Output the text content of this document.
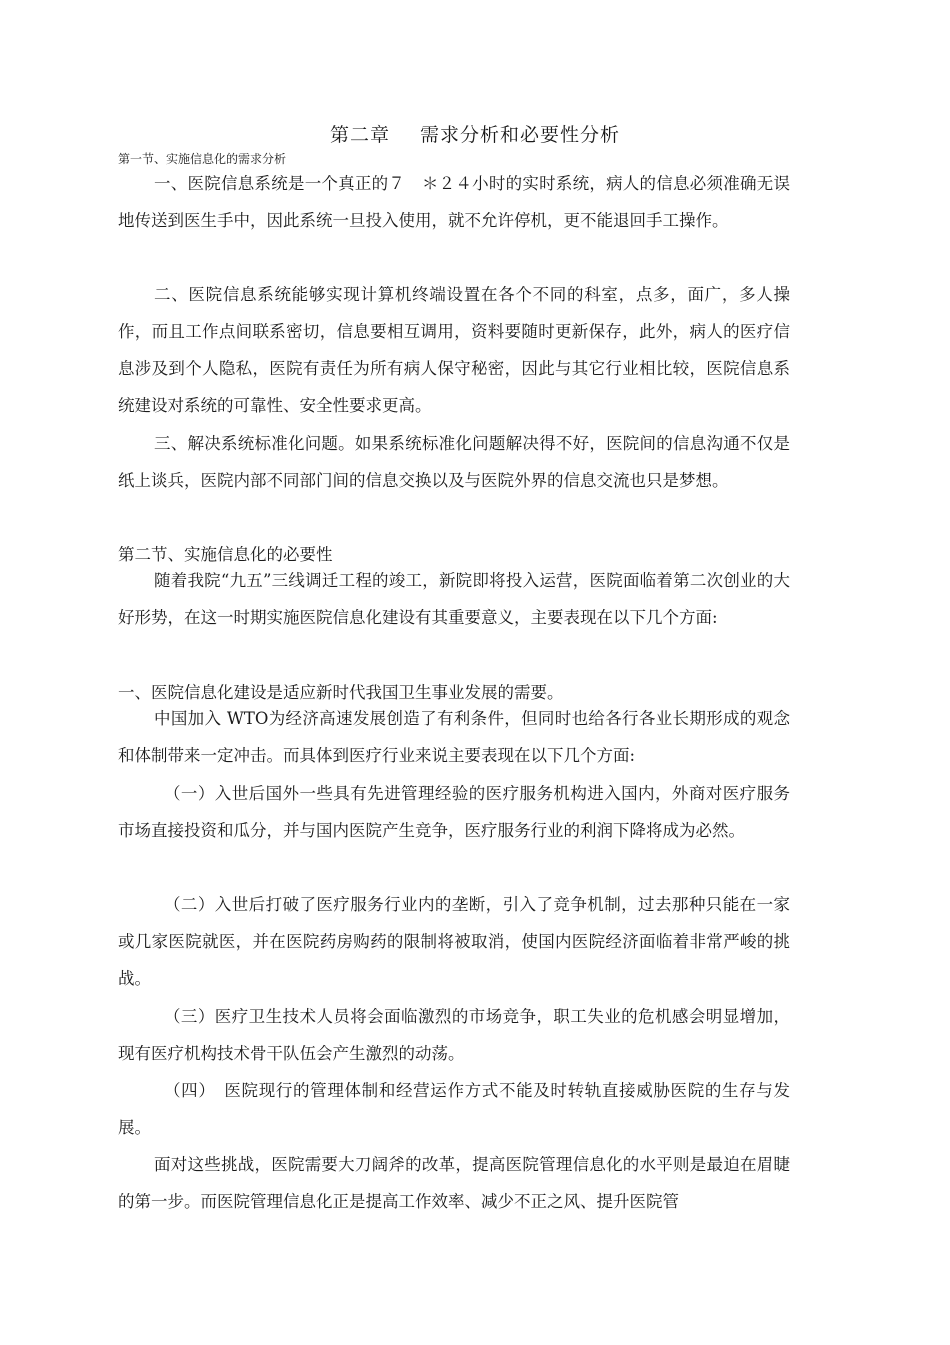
第二章 需求分析和必要性分析
第一节、实施信息化的需求分析

一、医院信息系统是一个真正的７　＊２４小时的实时系统，病人的信息必须准确无误地传送到医生手中，因此系统一旦投入使用，就不允许停机，更不能退回手工操作。

二、医院信息系统能够实现计算机终端设置在各个不同的科室，点多，面广，多人操作，而且工作点间联系密切，信息要相互调用，资料要随时更新保存，此外，病人的医疗信息涉及到个人隐私，医院有责任为所有病人保守秘密，因此与其它行业相比较，医院信息系统建设对系统的可靠性、安全性要求更高。

三、解决系统标准化问题。如果系统标准化问题解决得不好，医院间的信息沟通不仅是纸上谈兵，医院内部不同部门间的信息交换以及与医院外界的信息交流也只是梦想。

第二节、实施信息化的必要性

随着我院“九五”三线调迁工程的竣工，新院即将投入运营，医院面临着第二次创业的大好形势，在这一时期实施医院信息化建设有其重要意义，主要表现在以下几个方面:

一、医院信息化建设是适应新时代我国卫生事业发展的需要。

中国加入 WTO为经济高速发展创造了有利条件，但同时也给各行各业长期形成的观念和体制带来一定冲击。而具体到医疗行业来说主要表现在以下几个方面:

（一）入世后国外一些具有先进管理经验的医疗服务机构进入国内，外商对医疗服务市场直接投资和瓜分，并与国内医院产生竞争，医疗服务行业的利润下降将成为必然。

（二）入世后打破了医疗服务行业内的垄断，引入了竞争机制，过去那种只能在一家或几家医院就医，并在医院药房购药的限制将被取消，使国内医院经济面临着非常严峻的挑战。

（三）医疗卫生技术人员将会面临激烈的市场竞争，职工失业的危机感会明显增加，现有医疗机构技术骨干队伍会产生激烈的动荡。

（四）　医院现行的管理体制和经营运作方式不能及时转轨直接威胁医院的生存与发展。

面对这些挑战，医院需要大刀阔斧的改革，提高医院管理信息化的水平则是最迫在眉睫的第一步。而医院管理信息化正是提高工作效率、减少不正之风、提升医院管
